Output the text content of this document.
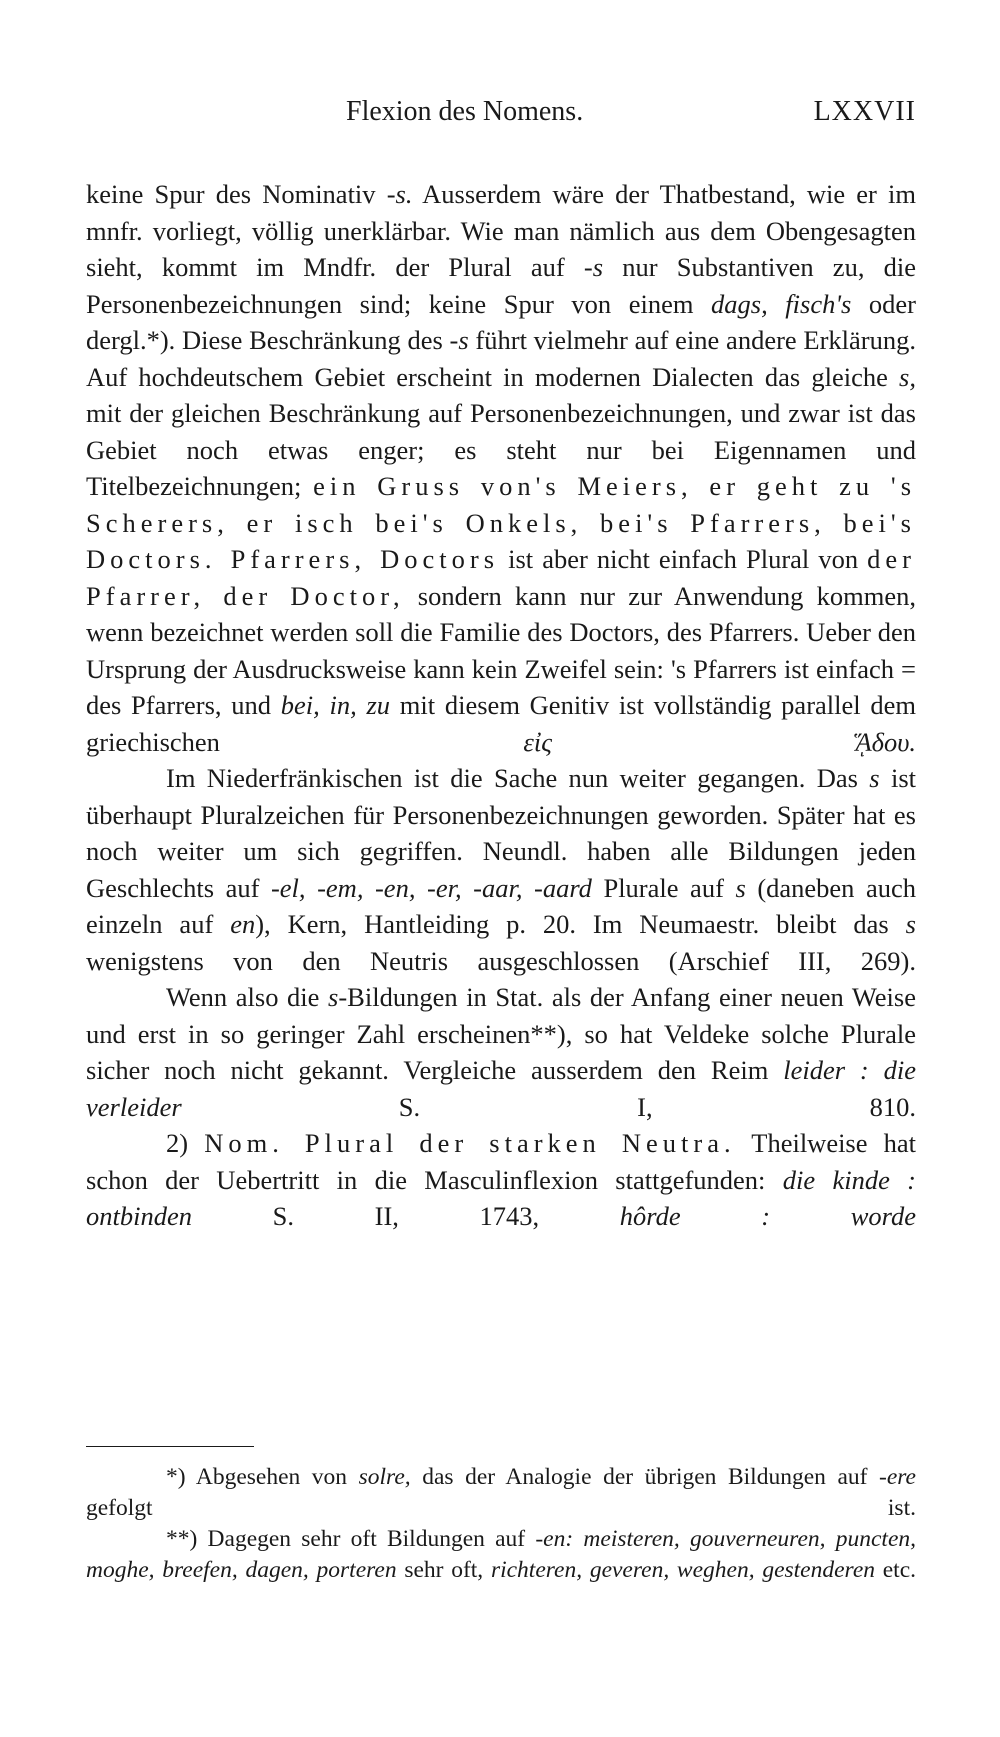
Flexion des Nomens.	LXXVII

keine Spur des Nominativ -s. Ausserdem wäre der Thatbestand, wie er im mnfr. vorliegt, völlig unerklärbar. Wie man nämlich aus dem Obengesagten sieht, kommt im Mndfr. der Plural auf -s nur Substantiven zu, die Personenbezeichnungen sind; keine Spur von einem dags, fisch's oder dergl.*). Diese Beschränkung des -s führt vielmehr auf eine andere Erklärung. Auf hochdeutschem Gebiet erscheint in modernen Dialecten das gleiche s, mit der gleichen Beschränkung auf Personenbezeichnungen, und zwar ist das Gebiet noch etwas enger; es steht nur bei Eigennamen und Titelbezeichnungen; ein Gruss von's Meiers, er geht zu 's Scherers, er isch bei's Onkels, bei's Pfarrers, bei's Doctors. Pfarrers, Doctors ist aber nicht einfach Plural von der Pfarrer, der Doctor, sondern kann nur zur Anwendung kommen, wenn bezeichnet werden soll die Familie des Doctors, des Pfarrers. Ueber den Ursprung der Ausdrucksweise kann kein Zweifel sein: 's Pfarrers ist einfach = des Pfarrers, und bei, in, zu mit diesem Genitiv ist vollständig parallel dem griechischen εἰς ᾍδου.

Im Niederfränkischen ist die Sache nun weiter gegangen. Das s ist überhaupt Pluralzeichen für Personenbezeichnungen geworden. Später hat es noch weiter um sich gegriffen. Neundl. haben alle Bildungen jeden Geschlechts auf -el, -em, -en, -er, -aar, -aard Plurale auf s (daneben auch einzeln auf en), Kern, Hantleiding p. 20. Im Neumaestr. bleibt das s wenigstens von den Neutris ausgeschlossen (Arschief III, 269).

Wenn also die s-Bildungen in Stat. als der Anfang einer neuen Weise und erst in so geringer Zahl erscheinen**), so hat Veldeke solche Plurale sicher noch nicht gekannt. Vergleiche ausserdem den Reim leider : die verleider S. I, 810.

2) Nom. Plural der starken Neutra. Theilweise hat schon der Uebertritt in die Masculinflexion stattgefunden: die kinde : ontbinden S. II, 1743, hôrde : worde

*) Abgesehen von solre, das der Analogie der übrigen Bildungen auf -ere gefolgt ist.

**) Dagegen sehr oft Bildungen auf -en: meisteren, gouverneuren, puncten, moghe, breefen, dagen, porteren sehr oft, richteren, geveren, weghen, gestenderen etc.
